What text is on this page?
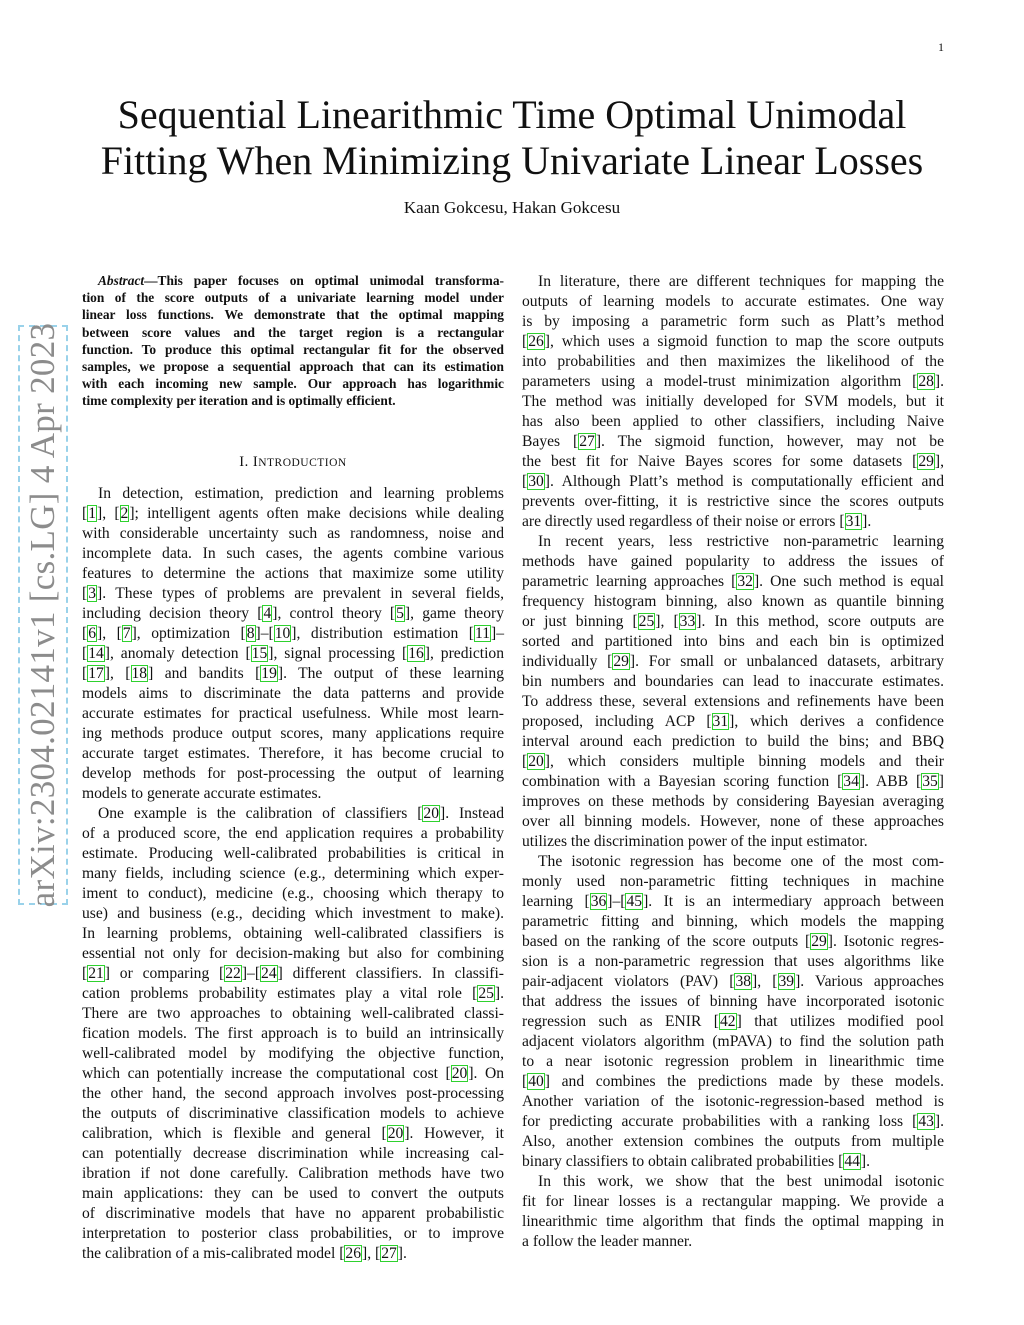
1
arXiv:2304.02141v1 [cs.LG] 4 Apr 2023
Sequential Linearithmic Time Optimal Unimodal
Fitting When Minimizing Univariate Linear Losses
Kaan Gokcesu, Hakan Gokcesu
Abstract—This paper focuses on optimal unimodal transforma-
tion of the score outputs of a univariate learning model under
linear loss functions. We demonstrate that the optimal mapping
between score values and the target region is a rectangular
function. To produce this optimal rectangular fit for the observed
samples, we propose a sequential approach that can its estimation
with each incoming new sample. Our approach has logarithmic
time complexity per iteration and is optimally efficient.
I. INTRODUCTION
In detection, estimation, prediction and learning problems
[1], [2]; intelligent agents often make decisions while dealing
with considerable uncertainty such as randomness, noise and
incomplete data. In such cases, the agents combine various
features to determine the actions that maximize some utility
[3]. These types of problems are prevalent in several fields,
including decision theory [4], control theory [5], game theory
[6], [7], optimization [8]–[10], distribution estimation [11]–
[14], anomaly detection [15], signal processing [16], prediction
[17], [18] and bandits [19]. The output of these learning
models aims to discriminate the data patterns and provide
accurate estimates for practical usefulness. While most learn-
ing methods produce output scores, many applications require
accurate target estimates. Therefore, it has become crucial to
develop methods for post-processing the output of learning
models to generate accurate estimates.
One example is the calibration of classifiers [20]. Instead
of a produced score, the end application requires a probability
estimate. Producing well-calibrated probabilities is critical in
many fields, including science (e.g., determining which exper-
iment to conduct), medicine (e.g., choosing which therapy to
use) and business (e.g., deciding which investment to make).
In learning problems, obtaining well-calibrated classifiers is
essential not only for decision-making but also for combining
[21] or comparing [22]–[24] different classifiers. In classifi-
cation problems probability estimates play a vital role [25].
There are two approaches to obtaining well-calibrated classi-
fication models. The first approach is to build an intrinsically
well-calibrated model by modifying the objective function,
which can potentially increase the computational cost [20]. On
the other hand, the second approach involves post-processing
the outputs of discriminative classification models to achieve
calibration, which is flexible and general [20]. However, it
can potentially decrease discrimination while increasing cal-
ibration if not done carefully. Calibration methods have two
main applications: they can be used to convert the outputs
of discriminative models that have no apparent probabilistic
interpretation to posterior class probabilities, or to improve
the calibration of a mis-calibrated model [26], [27].
In literature, there are different techniques for mapping the
outputs of learning models to accurate estimates. One way
is by imposing a parametric form such as Platt’s method
[26], which uses a sigmoid function to map the score outputs
into probabilities and then maximizes the likelihood of the
parameters using a model-trust minimization algorithm [28].
The method was initially developed for SVM models, but it
has also been applied to other classifiers, including Naive
Bayes [27]. The sigmoid function, however, may not be
the best fit for Naive Bayes scores for some datasets [29],
[30]. Although Platt’s method is computationally efficient and
prevents over-fitting, it is restrictive since the scores outputs
are directly used regardless of their noise or errors [31].
In recent years, less restrictive non-parametric learning
methods have gained popularity to address the issues of
parametric learning approaches [32]. One such method is equal
frequency histogram binning, also known as quantile binning
or just binning [25], [33]. In this method, score outputs are
sorted and partitioned into bins and each bin is optimized
individually [29]. For small or unbalanced datasets, arbitrary
bin numbers and boundaries can lead to inaccurate estimates.
To address these, several extensions and refinements have been
proposed, including ACP [31], which derives a confidence
interval around each prediction to build the bins; and BBQ
[20], which considers multiple binning models and their
combination with a Bayesian scoring function [34]. ABB [35]
improves on these methods by considering Bayesian averaging
over all binning models. However, none of these approaches
utilizes the discrimination power of the input estimator.
The isotonic regression has become one of the most com-
monly used non-parametric fitting techniques in machine
learning [36]–[45]. It is an intermediary approach between
parametric fitting and binning, which models the mapping
based on the ranking of the score outputs [29]. Isotonic regres-
sion is a non-parametric regression that uses algorithms like
pair-adjacent violators (PAV) [38], [39]. Various approaches
that address the issues of binning have incorporated isotonic
regression such as ENIR [42] that utilizes modified pool
adjacent violators algorithm (mPAVA) to find the solution path
to a near isotonic regression problem in linearithmic time
[40] and combines the predictions made by these models.
Another variation of the isotonic-regression-based method is
for predicting accurate probabilities with a ranking loss [43].
Also, another extension combines the outputs from multiple
binary classifiers to obtain calibrated probabilities [44].
In this work, we show that the best unimodal isotonic
fit for linear losses is a rectangular mapping. We provide a
linearithmic time algorithm that finds the optimal mapping in
a follow the leader manner.
